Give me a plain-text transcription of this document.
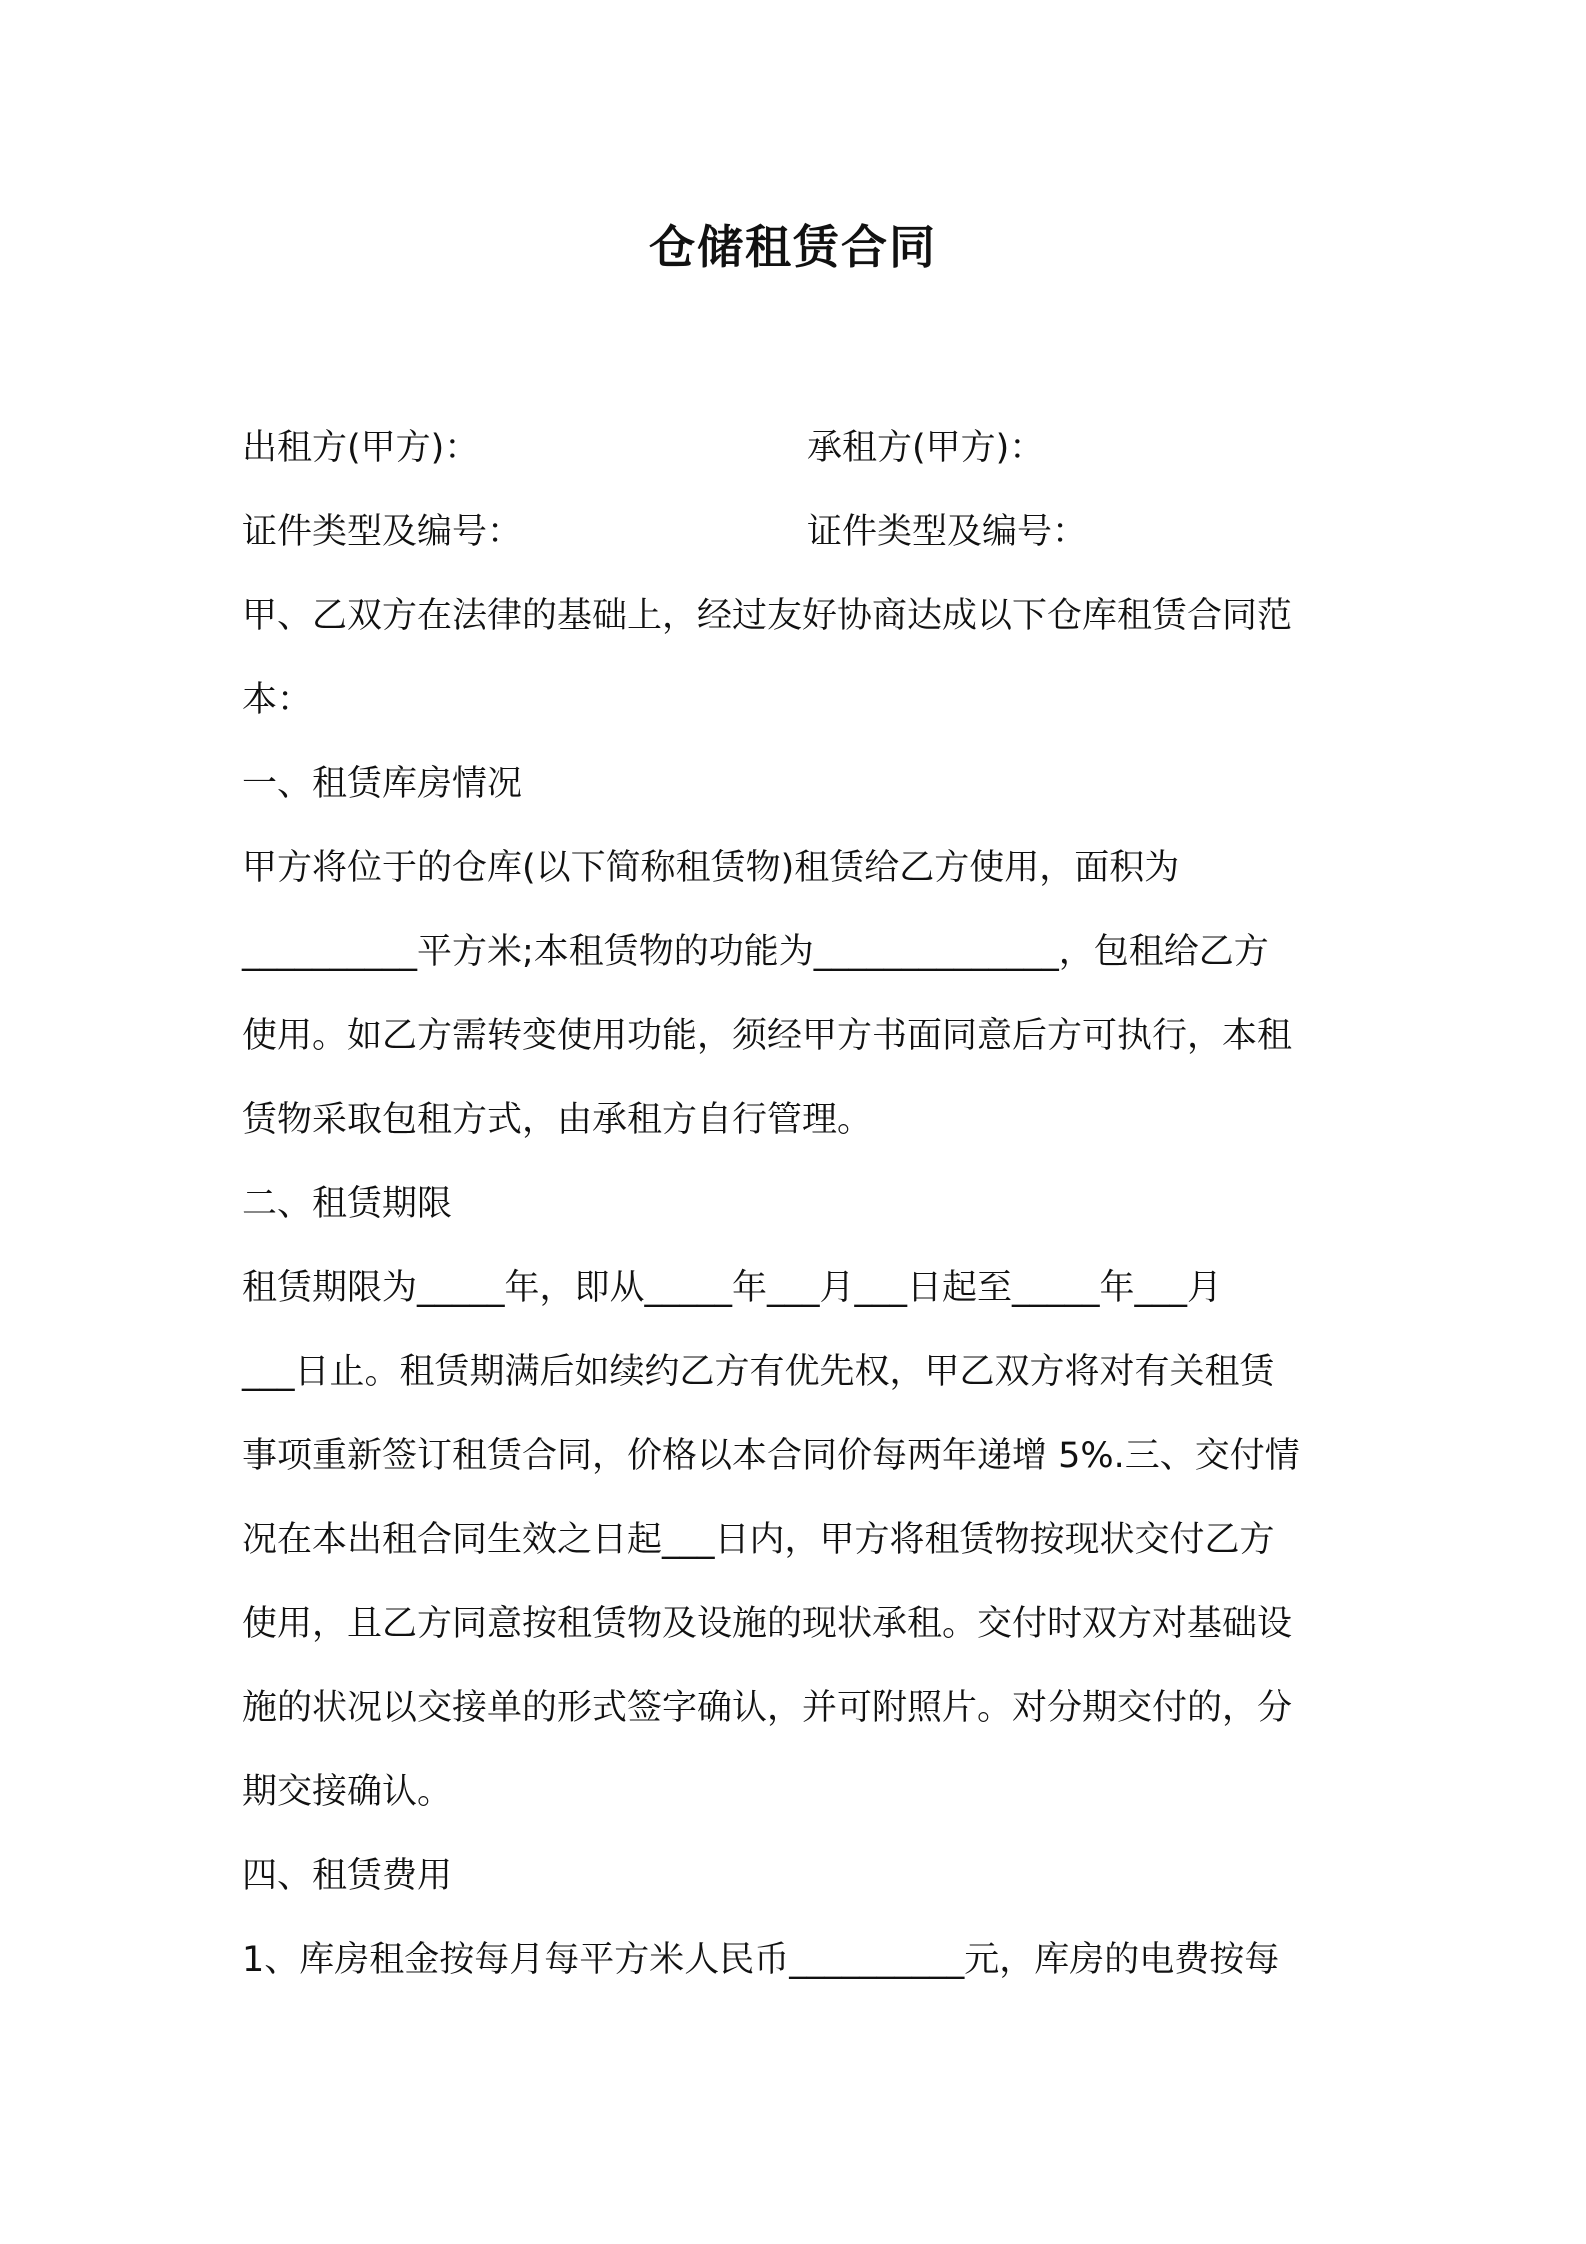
仓储租赁合同
出租方(甲方)：	承租方(甲方)：
证件类型及编号：	证件类型及编号：
甲、乙双方在法律的基础上，经过友好协商达成以下仓库租赁合同范
本：
一、租赁库房情况
甲方将位于的仓库(以下简称租赁物)租赁给乙方使用，面积为
__________平方米;本租赁物的功能为______________，包租给乙方
使用。如乙方需转变使用功能，须经甲方书面同意后方可执行，本租
赁物采取包租方式，由承租方自行管理。
二、租赁期限
租赁期限为_____年，即从_____年___月___日起至_____年___月
___日止。租赁期满后如续约乙方有优先权，甲乙双方将对有关租赁
事项重新签订租赁合同，价格以本合同价每两年递增 5%.三、交付情
况在本出租合同生效之日起___日内，甲方将租赁物按现状交付乙方
使用，且乙方同意按租赁物及设施的现状承租。交付时双方对基础设
施的状况以交接单的形式签字确认，并可附照片。对分期交付的，分
期交接确认。
四、租赁费用
1、库房租金按每月每平方米人民币__________元，库房的电费按每
